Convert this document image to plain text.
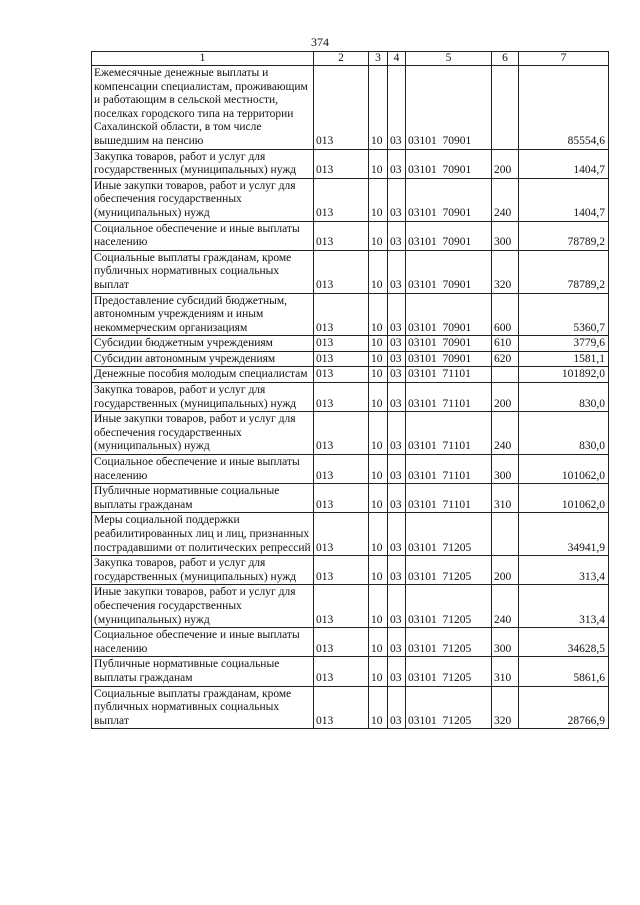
374
1	2	3	4	5	6	7
Ежемесячные денежные выплаты и компенсации специалистам, проживающим и работающим в сельской местности, поселках городского типа на территории Сахалинской области, в том числе вышедшим на пенсию	013	10	03	03101  70901		85554,6
Закупка товаров, работ и услуг для государственных (муниципальных) нужд	013	10	03	03101  70901	200	1404,7
Иные закупки товаров, работ и услуг для обеспечения государственных (муниципальных) нужд	013	10	03	03101  70901	240	1404,7
Социальное обеспечение и иные выплаты населению	013	10	03	03101  70901	300	78789,2
Социальные выплаты гражданам, кроме публичных нормативных социальных выплат	013	10	03	03101  70901	320	78789,2
Предоставление субсидий бюджетным, автономным учреждениям и иным некоммерческим организациям	013	10	03	03101  70901	600	5360,7
Субсидии бюджетным учреждениям	013	10	03	03101  70901	610	3779,6
Субсидии автономным учреждениям	013	10	03	03101  70901	620	1581,1
Денежные пособия молодым специалистам	013	10	03	03101  71101		101892,0
Закупка товаров, работ и услуг для государственных (муниципальных) нужд	013	10	03	03101  71101	200	830,0
Иные закупки товаров, работ и услуг для обеспечения государственных (муниципальных) нужд	013	10	03	03101  71101	240	830,0
Социальное обеспечение и иные выплаты населению	013	10	03	03101  71101	300	101062,0
Публичные нормативные социальные выплаты гражданам	013	10	03	03101  71101	310	101062,0
Меры социальной поддержки реабилитированных лиц и лиц, признанных пострадавшими от политических репрессий	013	10	03	03101  71205		34941,9
Закупка товаров, работ и услуг для государственных (муниципальных) нужд	013	10	03	03101  71205	200	313,4
Иные закупки товаров, работ и услуг для обеспечения государственных (муниципальных) нужд	013	10	03	03101  71205	240	313,4
Социальное обеспечение и иные выплаты населению	013	10	03	03101  71205	300	34628,5
Публичные нормативные социальные выплаты гражданам	013	10	03	03101  71205	310	5861,6
Социальные выплаты гражданам, кроме публичных нормативных социальных выплат	013	10	03	03101  71205	320	28766,9
